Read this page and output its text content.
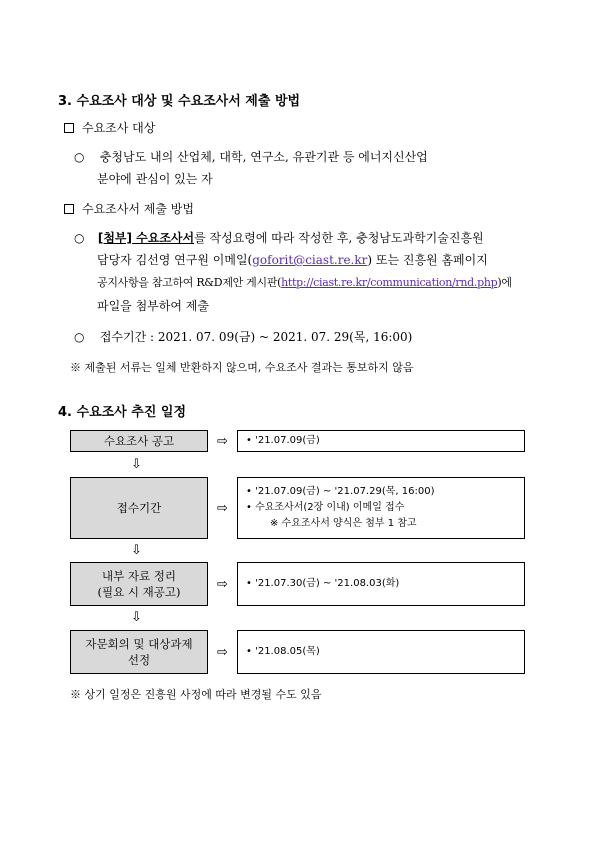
3. 수요조사 대상 및 수요조사서 제출 방법
수요조사 대상
○ 충청남도 내의 산업체, 대학, 연구소, 유관기관 등 에너지신산업
분야에 관심이 있는 자
수요조사서 제출 방법
○ [첨부] 수요조사서를 작성요령에 따라 작성한 후, 충청남도과학기술진흥원
담당자 김선영 연구원 이메일(goforit@ciast.re.kr) 또는 진흥원 홈페이지
공지사항을 참고하여 R&D제안 게시판(http://ciast.re.kr/communication/rnd.php)에
파일을 첨부하여 제출
○ 접수기간 : 2021. 07. 09(금) ~ 2021. 07. 29(목, 16:00)
※ 제출된 서류는 일체 반환하지 않으며, 수요조사 결과는 통보하지 않음
4. 수요조사 추진 일정
수요조사 공고	⇨ • '21.07.09(금)
⇩
접수기간	⇨
• '21.07.09(금) ~ '21.07.29(목, 16:00)
• 수요조사서(2장 이내) 이메일 접수
※ 수요조사서 양식은 첨부 1 참고
⇩
내부 자료 정리
(필요 시 재공고)	⇨ • '21.07.30(금) ~ '21.08.03(화)
⇩
자문회의 및 대상과제
선정	⇨ • '21.08.05(목)
※ 상기 일정은 진흥원 사정에 따라 변경될 수도 있음
